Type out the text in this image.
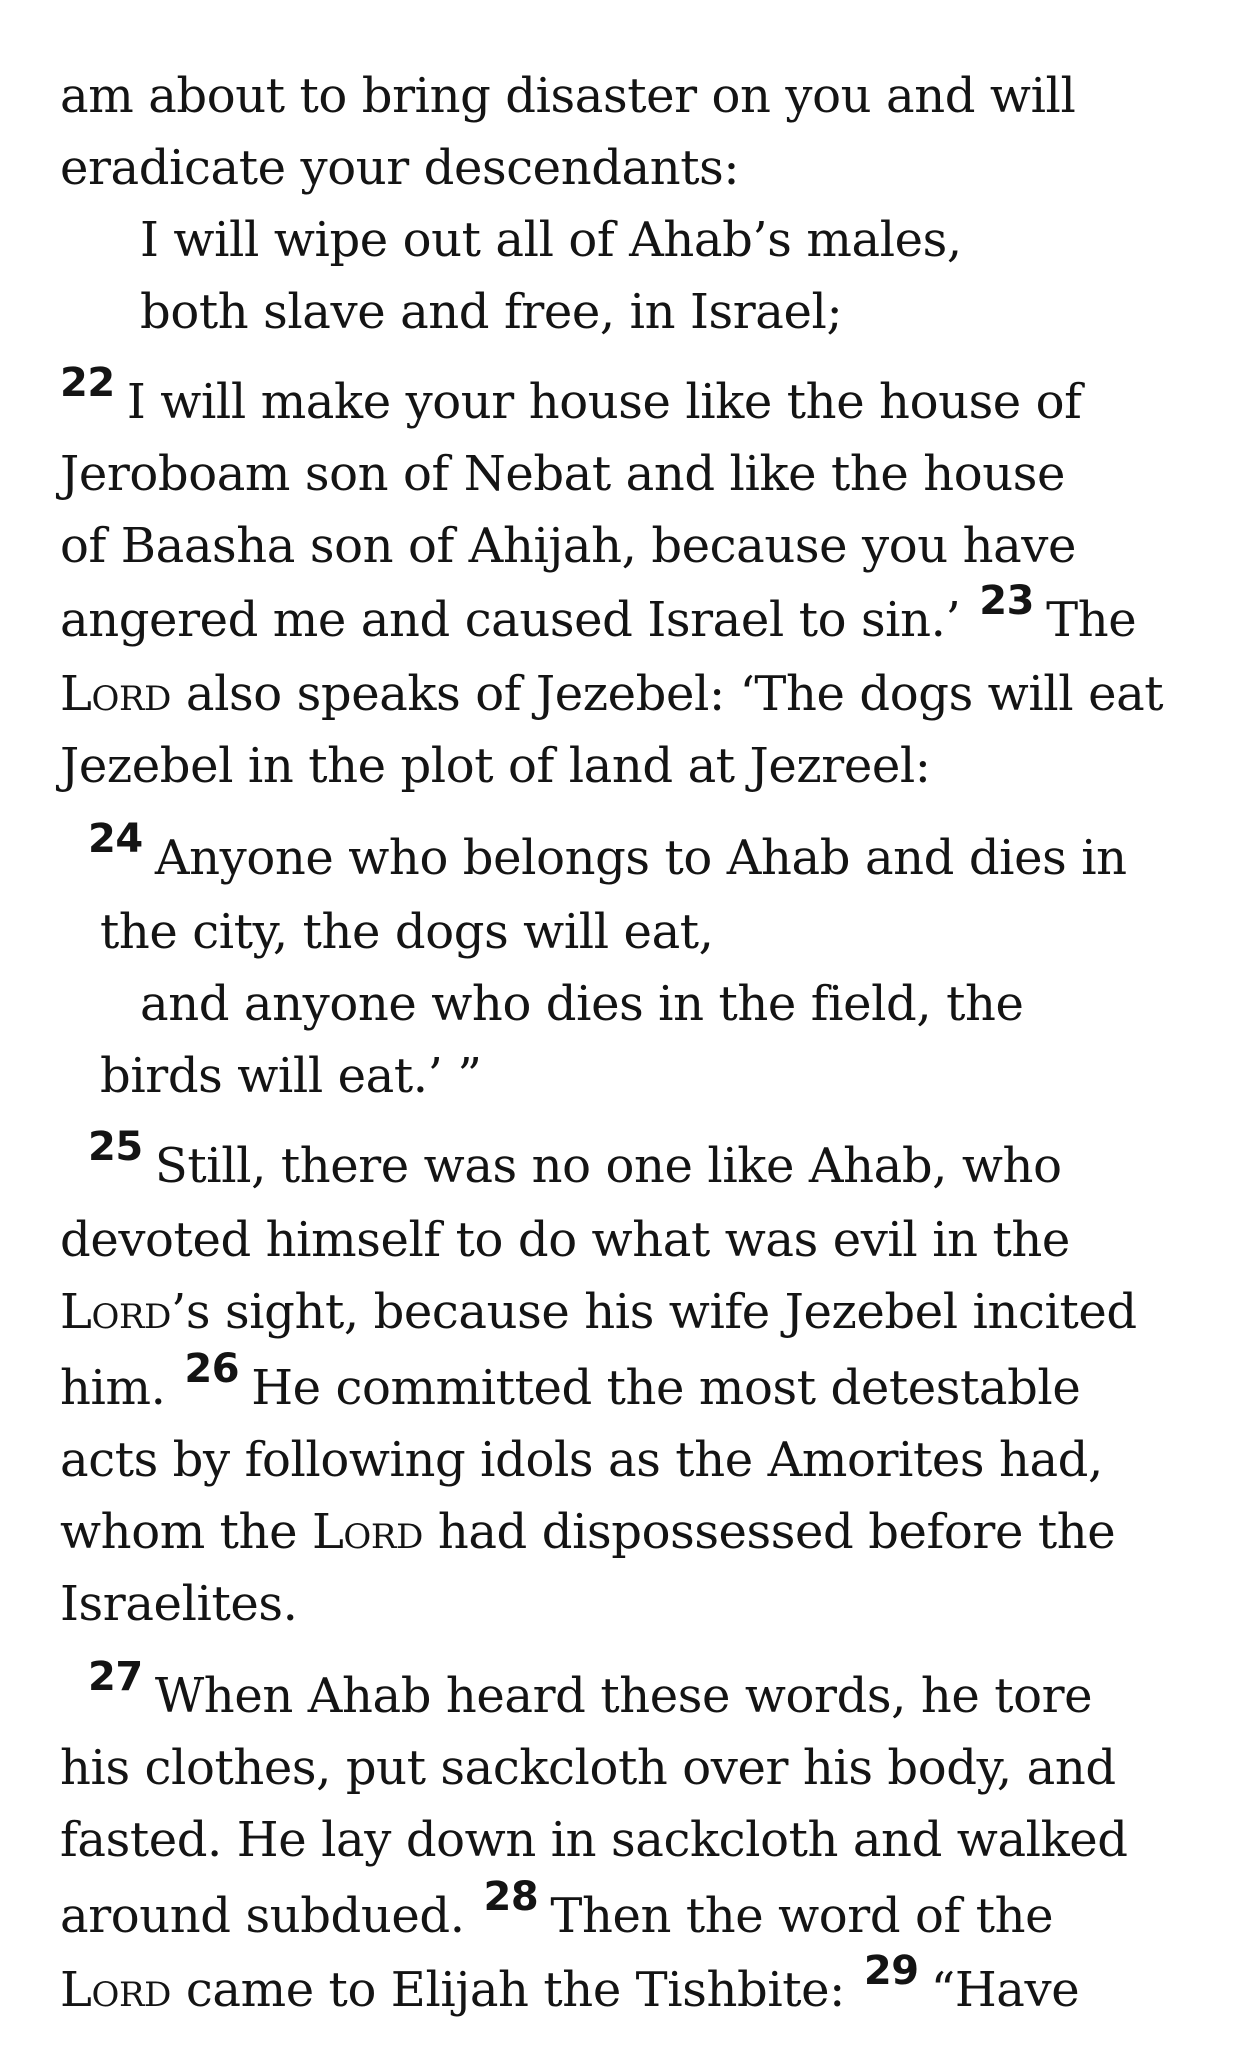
am about to bring disaster on you and will
eradicate your descendants:
I will wipe out all of Ahab’s males,
both slave and free, in Israel;
$^{22}$ I will make your house like the house of
Jeroboam son of Nebat and like the house
of Baasha son of Ahijah, because you have
angered me and caused Israel to sin.’ $^{23}$ The
Lord also speaks of Jezebel: ‘The dogs will eat
Jezebel in the plot of land at Jezreel:
$^{24}$ Anyone who belongs to Ahab and dies in
the city, the dogs will eat,
and anyone who dies in the field, the
birds will eat.’ ”
$^{25}$ Still, there was no one like Ahab, who
devoted himself to do what was evil in the
Lord’s sight, because his wife Jezebel incited
him. $^{26}$ He committed the most detestable
acts by following idols as the Amorites had,
whom the Lord had dispossessed before the
Israelites.
$^{27}$ When Ahab heard these words, he tore
his clothes, put sackcloth over his body, and
fasted. He lay down in sackcloth and walked
around subdued. $^{28}$ Then the word of the
Lord came to Elijah the Tishbite: $^{29}$ “Have
